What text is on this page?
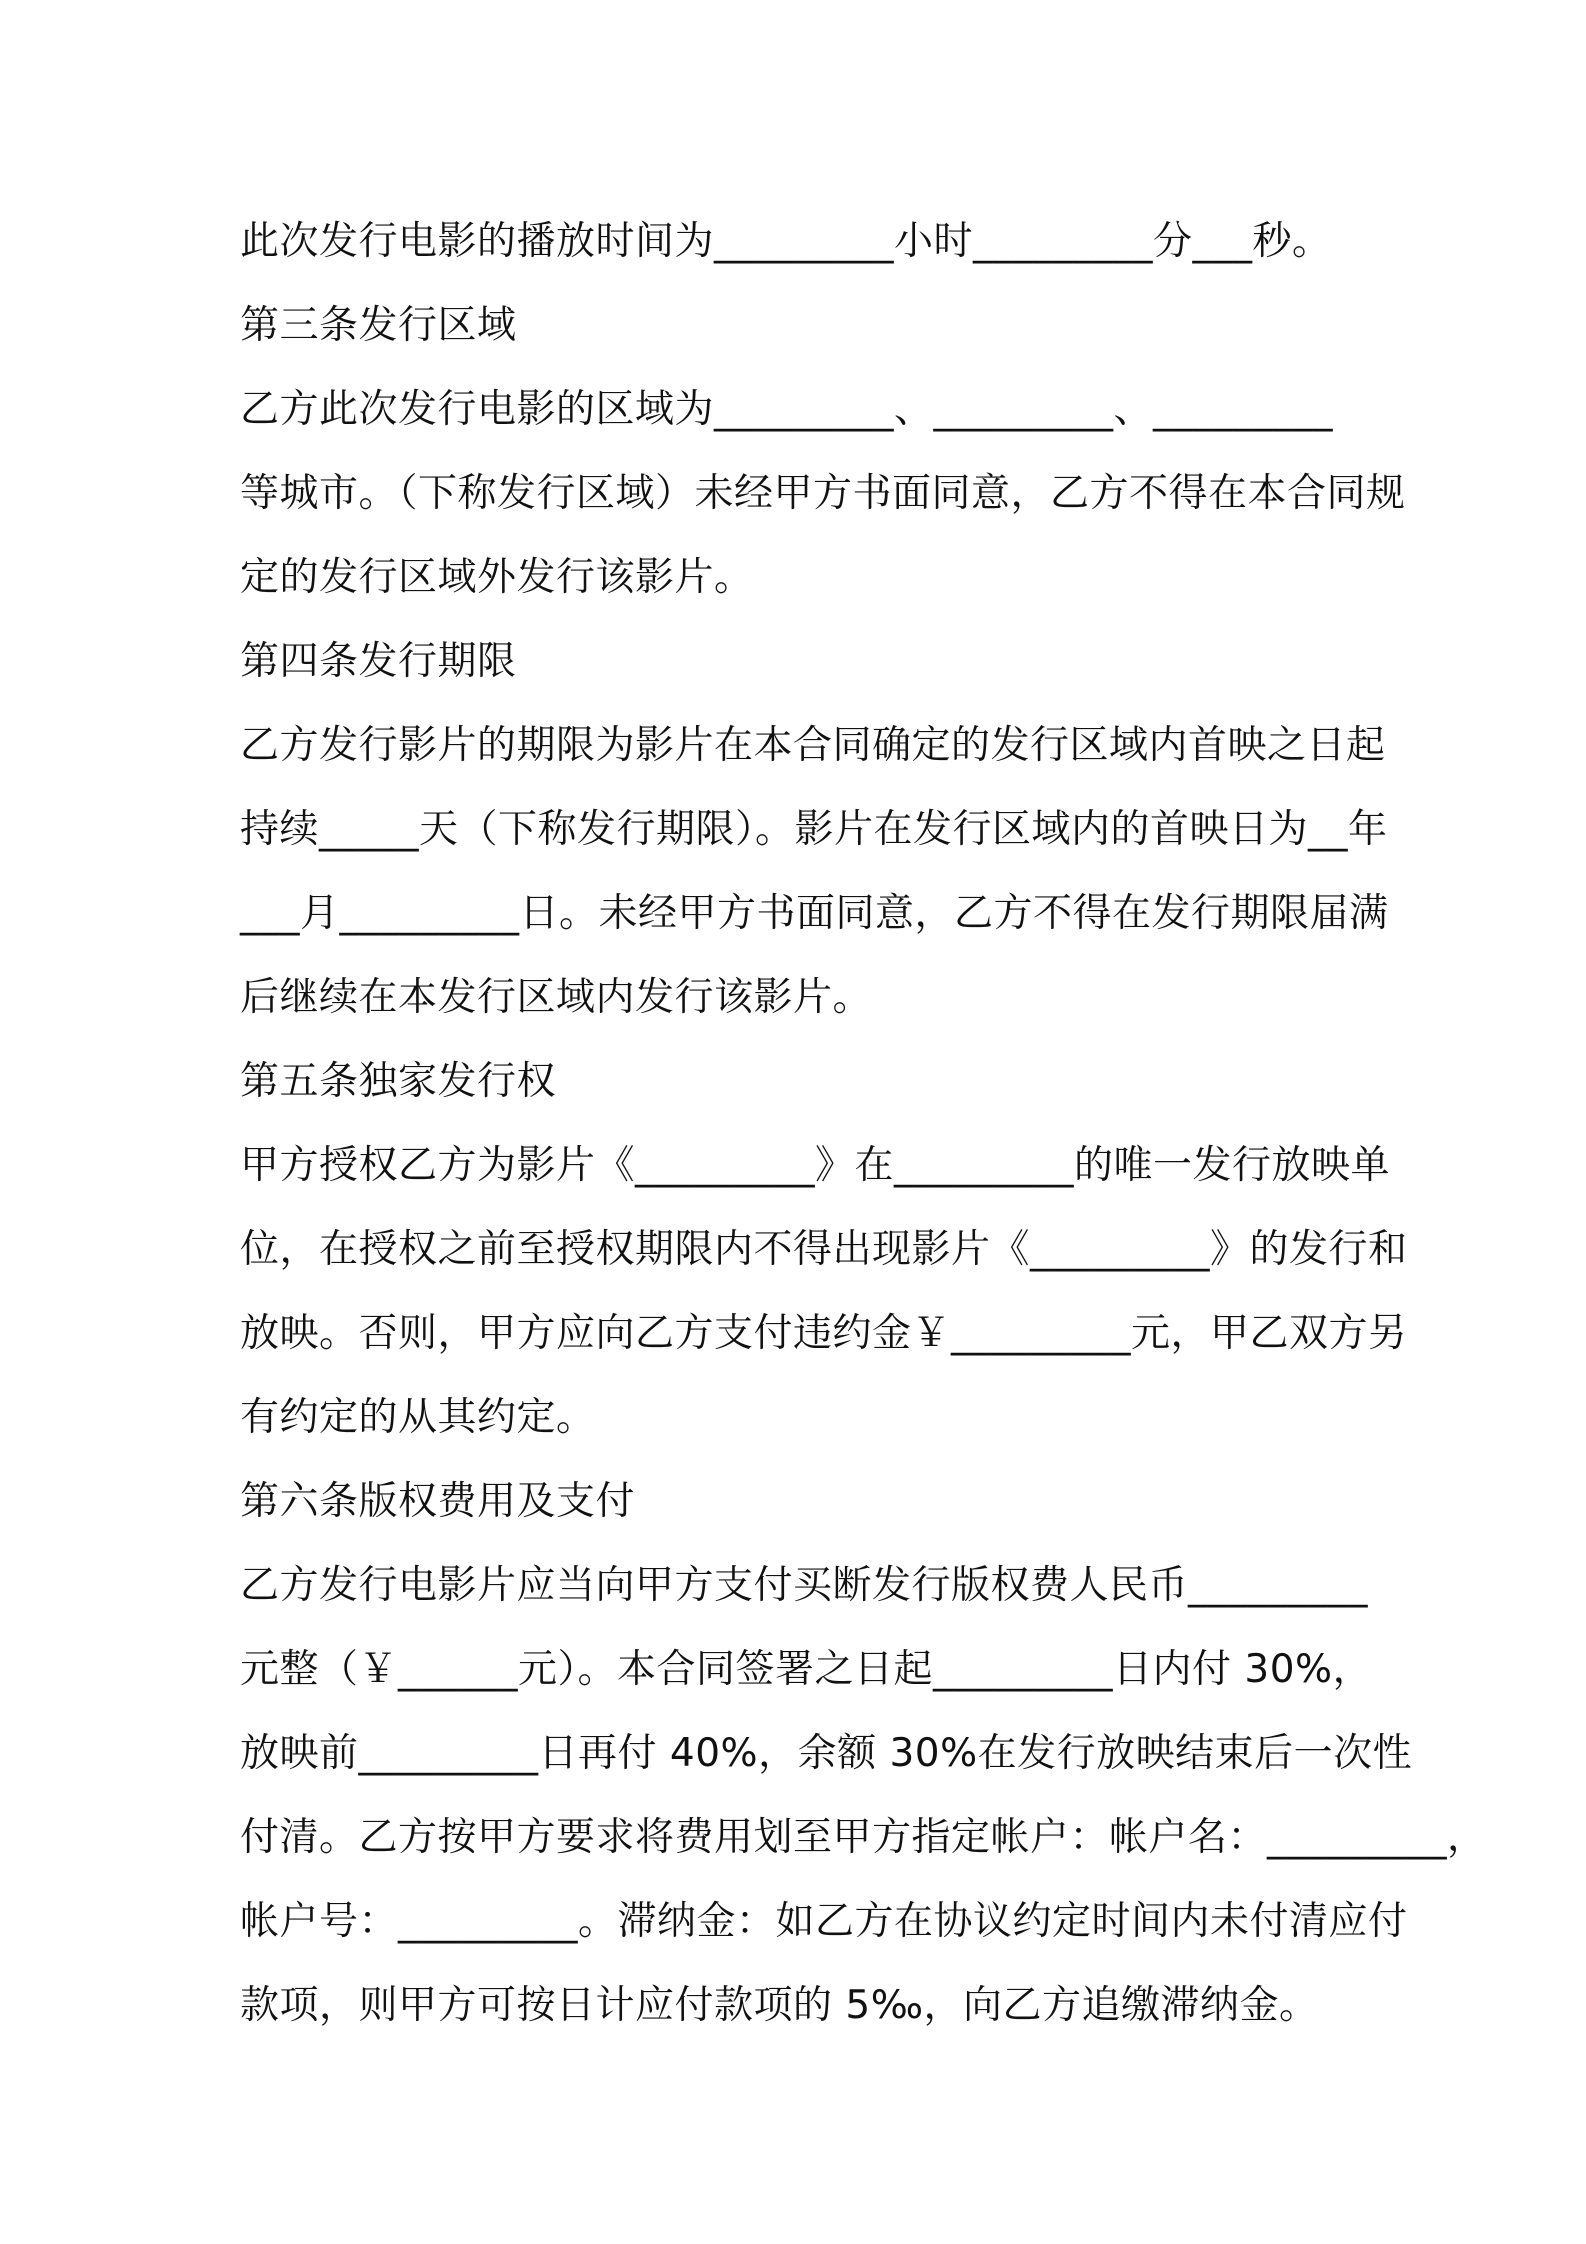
此次发行电影的播放时间为_________小时_________分___秒。
第三条发行区域
乙方此次发行电影的区域为_________、_________、_________
等城市。（下称发行区域）未经甲方书面同意，乙方不得在本合同规
定的发行区域外发行该影片。
第四条发行期限
乙方发行影片的期限为影片在本合同确定的发行区域内首映之日起
持续_____天（下称发行期限）。影片在发行区域内的首映日为__年
___月_________日。未经甲方书面同意，乙方不得在发行期限届满
后继续在本发行区域内发行该影片。
第五条独家发行权
甲方授权乙方为影片《_________》在_________的唯一发行放映单
位，在授权之前至授权期限内不得出现影片《_________》的发行和
放映。否则，甲方应向乙方支付违约金￥_________元，甲乙双方另
有约定的从其约定。
第六条版权费用及支付
乙方发行电影片应当向甲方支付买断发行版权费人民币_________
元整（￥______元）。本合同签署之日起_________日内付 30%，
放映前_________日再付 40%，余额 30%在发行放映结束后一次性
付清。乙方按甲方要求将费用划至甲方指定帐户：帐户名：_________，
帐户号：_________。滞纳金：如乙方在协议约定时间内未付清应付
款项，则甲方可按日计应付款项的 5‰，向乙方追缴滞纳金。
